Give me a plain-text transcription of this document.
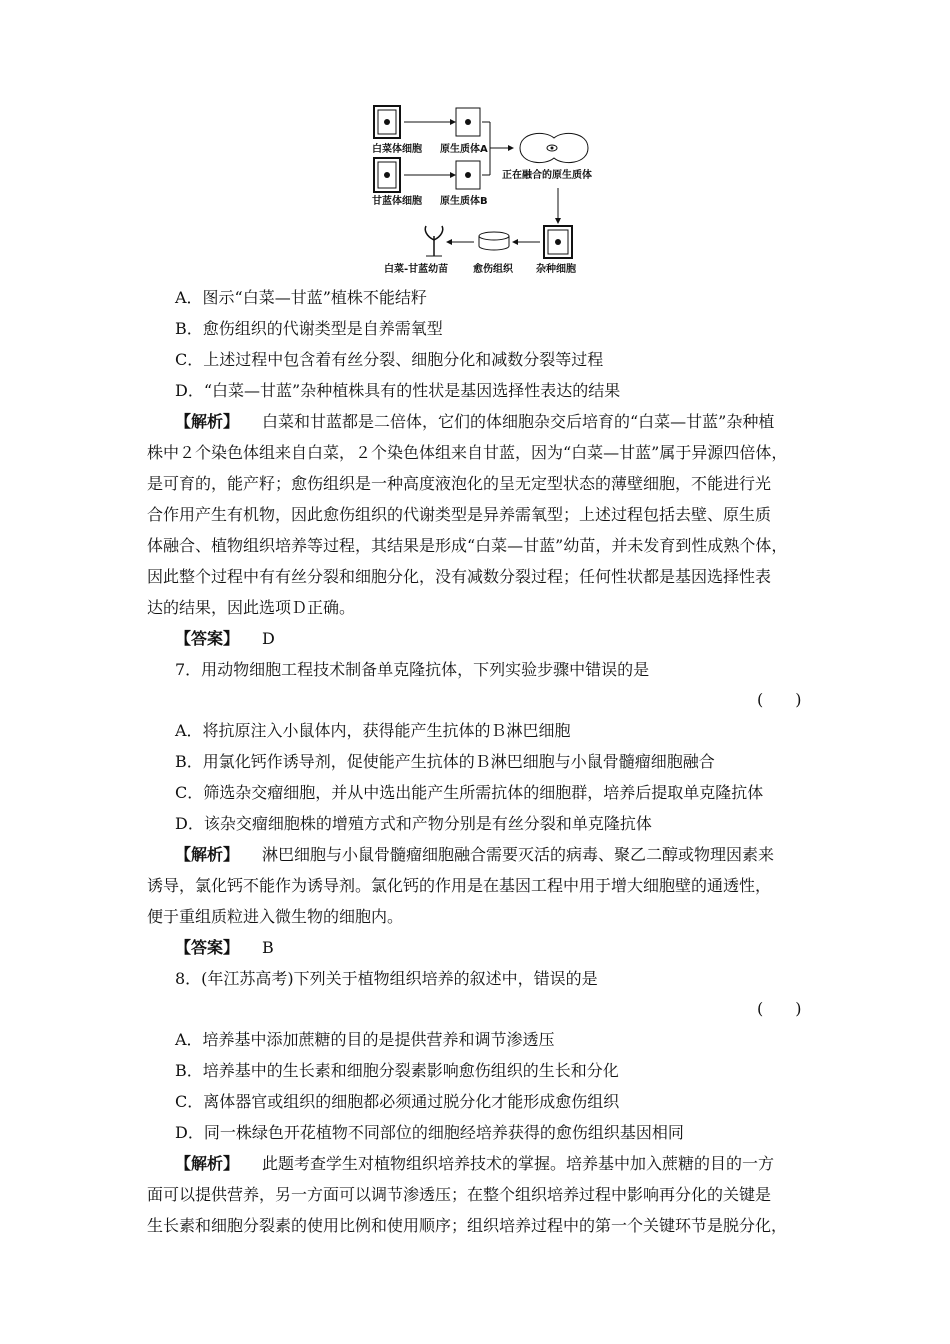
白菜体细胞 原生质体A
正在融合的原生质体
甘蓝体细胞 原生质体B
白菜-甘蓝幼苗 愈伤组织 杂种细胞
A．图示“白菜—甘蓝”植株不能结籽
B．愈伤组织的代谢类型是自养需氧型
C．上述过程中包含着有丝分裂、细胞分化和减数分裂等过程
D．“白菜—甘蓝”杂种植株具有的性状是基因选择性表达的结果
【解析】 白菜和甘蓝都是二倍体，它们的体细胞杂交后培育的“白菜—甘蓝”杂种植
株中２个染色体组来自白菜，２个染色体组来自甘蓝，因为“白菜—甘蓝”属于异源四倍体，
是可育的，能产籽；愈伤组织是一种高度液泡化的呈无定型状态的薄壁细胞，不能进行光
合作用产生有机物，因此愈伤组织的代谢类型是异养需氧型；上述过程包括去壁、原生质
体融合、植物组织培养等过程，其结果是形成“白菜—甘蓝”幼苗，并未发育到性成熟个体，
因此整个过程中有有丝分裂和细胞分化，没有减数分裂过程；任何性状都是基因选择性表
达的结果，因此选项Ｄ正确。
【答案】 D
7．用动物细胞工程技术制备单克隆抗体，下列实验步骤中错误的是
(　　)
A．将抗原注入小鼠体内，获得能产生抗体的Ｂ淋巴细胞
B．用氯化钙作诱导剂，促使能产生抗体的Ｂ淋巴细胞与小鼠骨髓瘤细胞融合
C．筛选杂交瘤细胞，并从中选出能产生所需抗体的细胞群，培养后提取单克隆抗体
D．该杂交瘤细胞株的增殖方式和产物分别是有丝分裂和单克隆抗体
【解析】 淋巴细胞与小鼠骨髓瘤细胞融合需要灭活的病毒、聚乙二醇或物理因素来
诱导，氯化钙不能作为诱导剂。氯化钙的作用是在基因工程中用于增大细胞壁的通透性，
便于重组质粒进入微生物的细胞内。
【答案】 B
8．(年江苏高考)下列关于植物组织培养的叙述中，错误的是
(　　)
A．培养基中添加蔗糖的目的是提供营养和调节渗透压
B．培养基中的生长素和细胞分裂素影响愈伤组织的生长和分化
C．离体器官或组织的细胞都必须通过脱分化才能形成愈伤组织
D．同一株绿色开花植物不同部位的细胞经培养获得的愈伤组织基因相同
【解析】 此题考查学生对植物组织培养技术的掌握。培养基中加入蔗糖的目的一方
面可以提供营养，另一方面可以调节渗透压；在整个组织培养过程中影响再分化的关键是
生长素和细胞分裂素的使用比例和使用顺序；组织培养过程中的第一个关键环节是脱分化，
